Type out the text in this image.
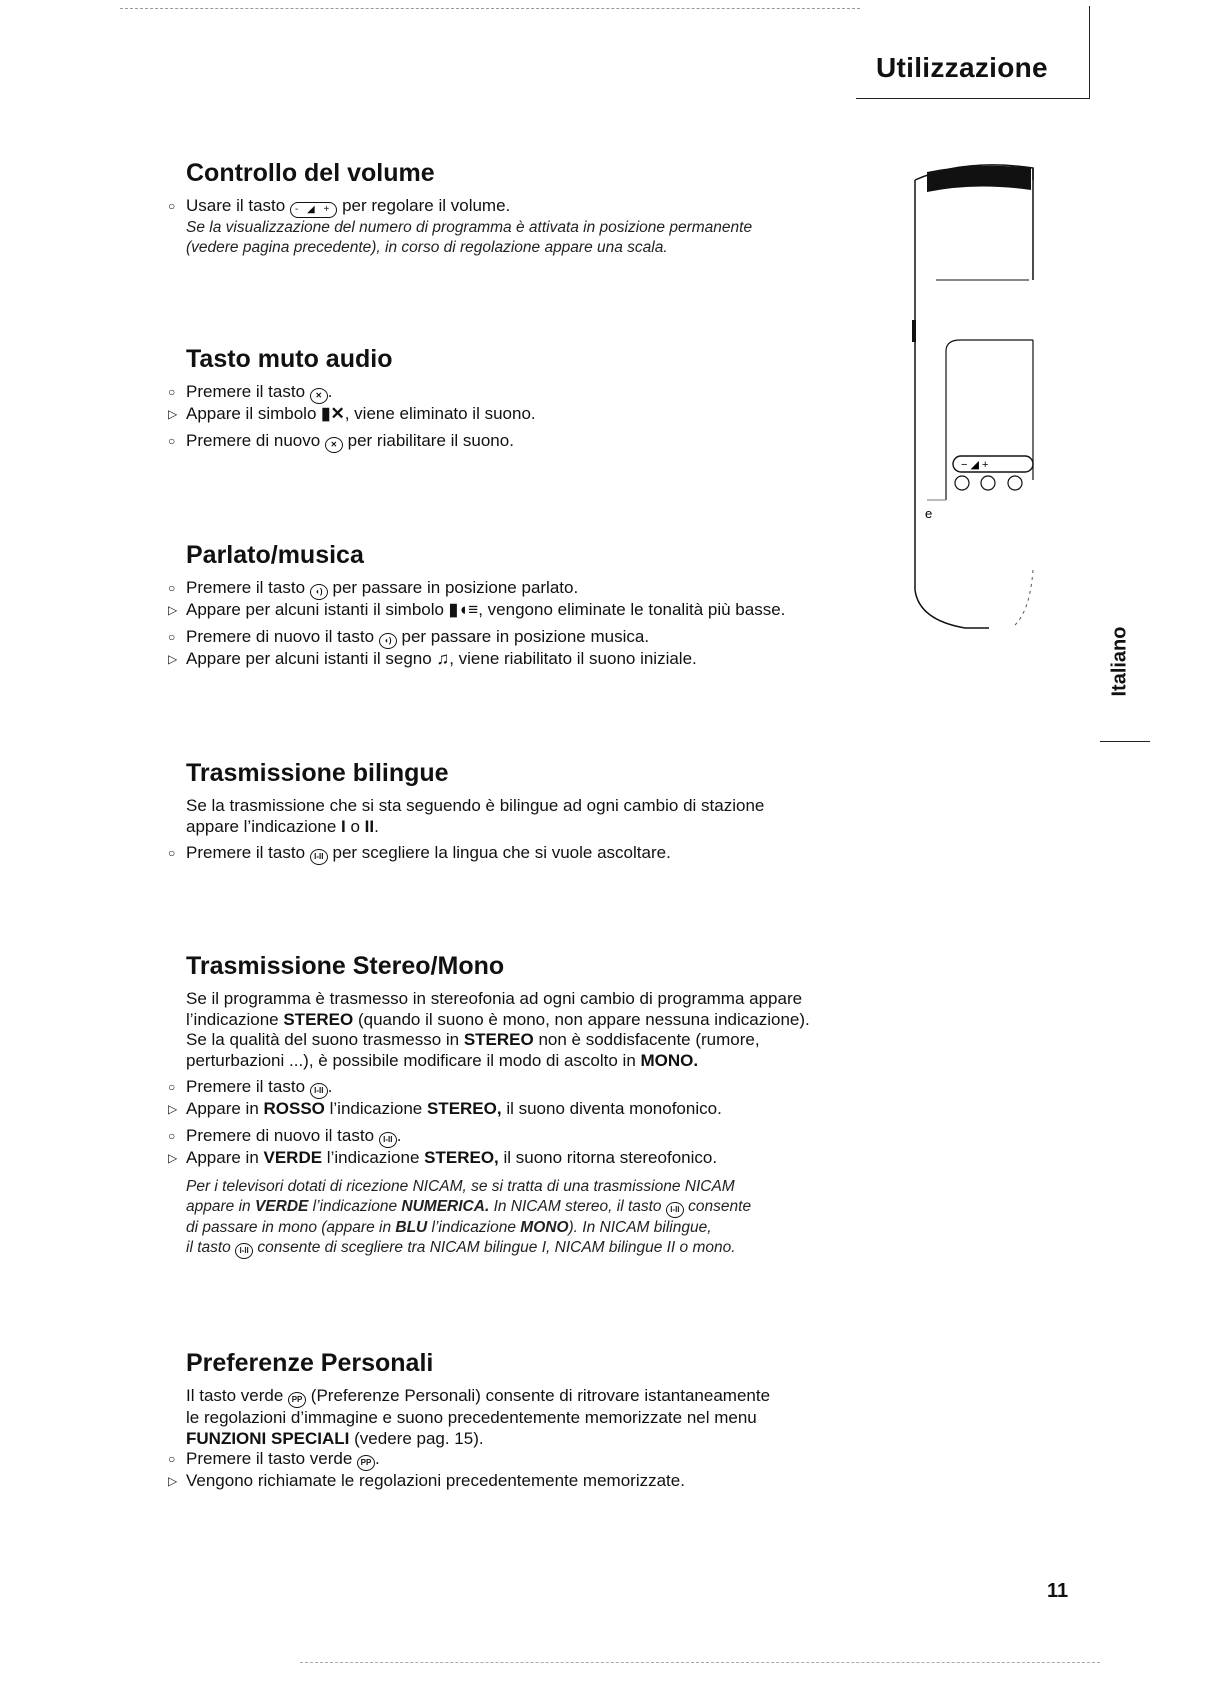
Utilizzazione
Controllo del volume
○ Usare il tasto - ◢ + per regolare il volume.
Se la visualizzazione del numero di programma è attivata in posizione permanente
(vedere pagina precedente), in corso di regolazione appare una scala.
Tasto muto audio
○ Premere il tasto ✕ .
▷ Appare il simbolo ▮✕, viene eliminato il suono.
○ Premere di nuovo ✕ per riabilitare il suono.
Parlato/musica
○ Premere il tasto ◖) per passare in posizione parlato.
▷ Appare per alcuni istanti il simbolo ▮◖≡, vengono eliminate le tonalità più basse.
○ Premere di nuovo il tasto ◖) per passare in posizione musica.
▷ Appare per alcuni istanti il segno ♫, viene riabilitato il suono iniziale.
Trasmissione bilingue
Se la trasmissione che si sta seguendo è bilingue ad ogni cambio di stazione
appare l’indicazione I o II.
○ Premere il tasto I-II per scegliere la lingua che si vuole ascoltare.
Trasmissione Stereo/Mono
Se il programma è trasmesso in stereofonia ad ogni cambio di programma appare
l’indicazione STEREO (quando il suono è mono, non appare nessuna indicazione).
Se la qualità del suono trasmesso in STEREO non è soddisfacente (rumore,
perturbazioni ...), è possibile modificare il modo di ascolto in MONO.
○ Premere il tasto I-II .
▷ Appare in ROSSO l’indicazione STEREO, il suono diventa monofonico.
○ Premere di nuovo il tasto I-II .
▷ Appare in VERDE l’indicazione STEREO, il suono ritorna stereofonico.
Per i televisori dotati di ricezione NICAM, se si tratta di una trasmissione NICAM
appare in VERDE l’indicazione NUMERICA. In NICAM stereo, il tasto I-II consente
di passare in mono (appare in BLU l’indicazione MONO). In NICAM bilingue,
il tasto I-II consente di scegliere tra NICAM bilingue I, NICAM bilingue II o mono.
Preferenze Personali
Il tasto verde PP (Preferenze Personali) consente di ritrovare istantaneamente
le regolazioni d’immagine e suono precedentemente memorizzate nel menu
FUNZIONI SPECIALI (vedere pag. 15).
○ Premere il tasto verde PP .
▷ Vengono richiamate le regolazioni precedentemente memorizzate.
− ◢ +
e
Italiano
11
